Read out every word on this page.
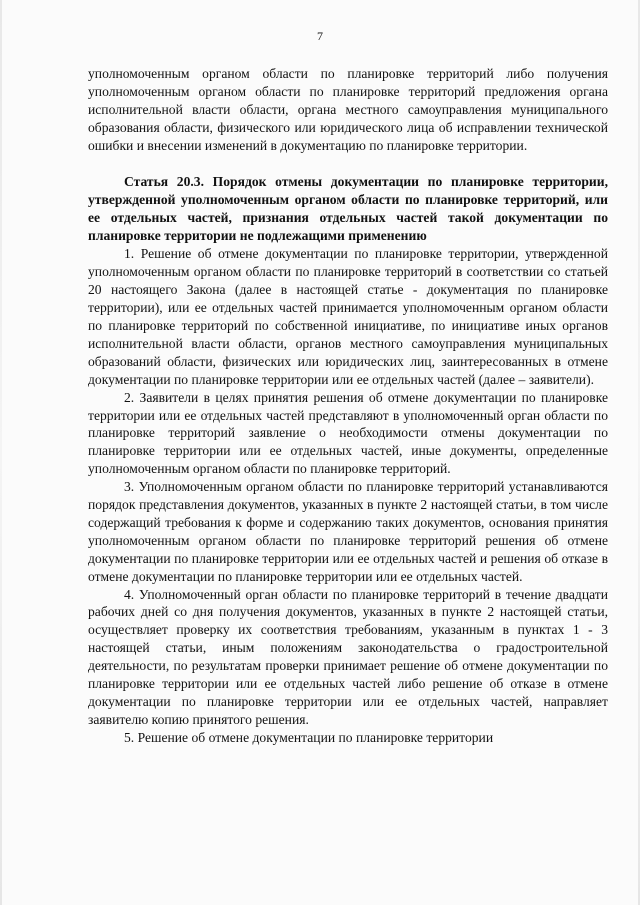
7

уполномоченным органом области по планировке территорий либо получения уполномоченным органом области по планировке территорий предложения органа исполнительной власти области, органа местного самоуправления муниципального образования области, физического или юридического лица об исправлении технической ошибки и внесении изменений в документацию по планировке территории.

Статья 20.3. Порядок отмены документации по планировке территории, утвержденной уполномоченным органом области по планировке территорий, или ее отдельных частей, признания отдельных частей такой документации по планировке территории не подлежащими применению

1. Решение об отмене документации по планировке территории, утвержденной уполномоченным органом области по планировке территорий в соответствии со статьей 20 настоящего Закона (далее в настоящей статье - документация по планировке территории), или ее отдельных частей принимается уполномоченным органом области по планировке территорий по собственной инициативе, по инициативе иных органов исполнительной власти области, органов местного самоуправления муниципальных образований области, физических или юридических лиц, заинтересованных в отмене документации по планировке территории или ее отдельных частей (далее – заявители).

2. Заявители в целях принятия решения об отмене документации по планировке территории или ее отдельных частей представляют в уполномоченный орган области по планировке территорий заявление о необходимости отмены документации по планировке территории или ее отдельных частей, иные документы, определенные уполномоченным органом области по планировке территорий.

3. Уполномоченным органом области по планировке территорий устанавливаются порядок представления документов, указанных в пункте 2 настоящей статьи, в том числе содержащий требования к форме и содержанию таких документов, основания принятия уполномоченным органом области по планировке территорий решения об отмене документации по планировке территории или ее отдельных частей и решения об отказе в отмене документации по планировке территории или ее отдельных частей.

4. Уполномоченный орган области по планировке территорий в течение двадцати рабочих дней со дня получения документов, указанных в пункте 2 настоящей статьи, осуществляет проверку их соответствия требованиям, указанным в пунктах 1 - 3 настоящей статьи, иным положениям законодательства о градостроительной деятельности, по результатам проверки принимает решение об отмене документации по планировке территории или ее отдельных частей либо решение об отказе в отмене документации по планировке территории или ее отдельных частей, направляет заявителю копию принятого решения.

5. Решение об отмене документации по планировке территории
